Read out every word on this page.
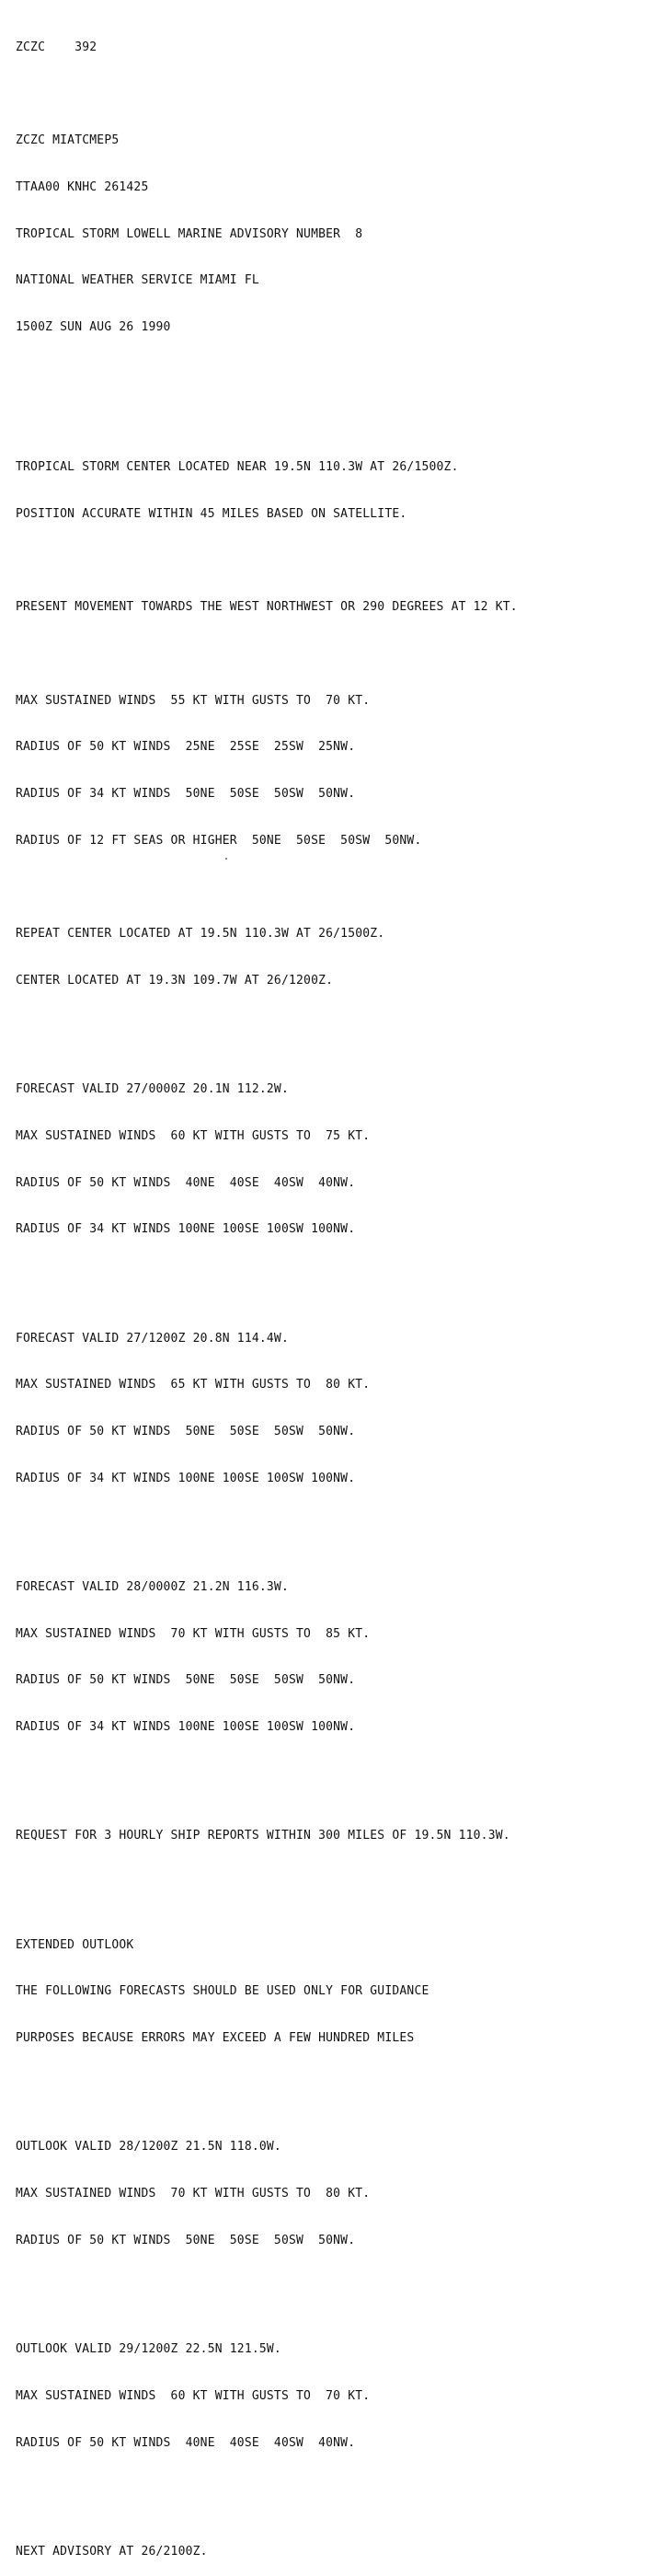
ZCZC    392

ZCZC MIATCMEP5

TTAA00 KNHC 261425

TROPICAL STORM LOWELL MARINE ADVISORY NUMBER  8

NATIONAL WEATHER SERVICE MIAMI FL

1500Z SUN AUG 26 1990

TROPICAL STORM CENTER LOCATED NEAR 19.5N 110.3W AT 26/1500Z.

POSITION ACCURATE WITHIN 45 MILES BASED ON SATELLITE.

PRESENT MOVEMENT TOWARDS THE WEST NORTHWEST OR 290 DEGREES AT 12 KT.

MAX SUSTAINED WINDS  55 KT WITH GUSTS TO  70 KT.

RADIUS OF 50 KT WINDS  25NE  25SE  25SW  25NW.

RADIUS OF 34 KT WINDS  50NE  50SE  50SW  50NW.

RADIUS OF 12 FT SEAS OR HIGHER  50NE  50SE  50SW  50NW.

REPEAT CENTER LOCATED AT 19.5N 110.3W AT 26/1500Z.

CENTER LOCATED AT 19.3N 109.7W AT 26/1200Z.

FORECAST VALID 27/0000Z 20.1N 112.2W.

MAX SUSTAINED WINDS  60 KT WITH GUSTS TO  75 KT.

RADIUS OF 50 KT WINDS  40NE  40SE  40SW  40NW.

RADIUS OF 34 KT WINDS 100NE 100SE 100SW 100NW.

FORECAST VALID 27/1200Z 20.8N 114.4W.

MAX SUSTAINED WINDS  65 KT WITH GUSTS TO  80 KT.

RADIUS OF 50 KT WINDS  50NE  50SE  50SW  50NW.

RADIUS OF 34 KT WINDS 100NE 100SE 100SW 100NW.

FORECAST VALID 28/0000Z 21.2N 116.3W.

MAX SUSTAINED WINDS  70 KT WITH GUSTS TO  85 KT.

RADIUS OF 50 KT WINDS  50NE  50SE  50SW  50NW.

RADIUS OF 34 KT WINDS 100NE 100SE 100SW 100NW.

REQUEST FOR 3 HOURLY SHIP REPORTS WITHIN 300 MILES OF 19.5N 110.3W.

EXTENDED OUTLOOK

THE FOLLOWING FORECASTS SHOULD BE USED ONLY FOR GUIDANCE

PURPOSES BECAUSE ERRORS MAY EXCEED A FEW HUNDRED MILES

OUTLOOK VALID 28/1200Z 21.5N 118.0W.

MAX SUSTAINED WINDS  70 KT WITH GUSTS TO  80 KT.

RADIUS OF 50 KT WINDS  50NE  50SE  50SW  50NW.

OUTLOOK VALID 29/1200Z 22.5N 121.5W.

MAX SUSTAINED WINDS  60 KT WITH GUSTS TO  70 KT.

RADIUS OF 50 KT WINDS  40NE  40SE  40SW  40NW.

NEXT ADVISORY AT 26/2100Z.
